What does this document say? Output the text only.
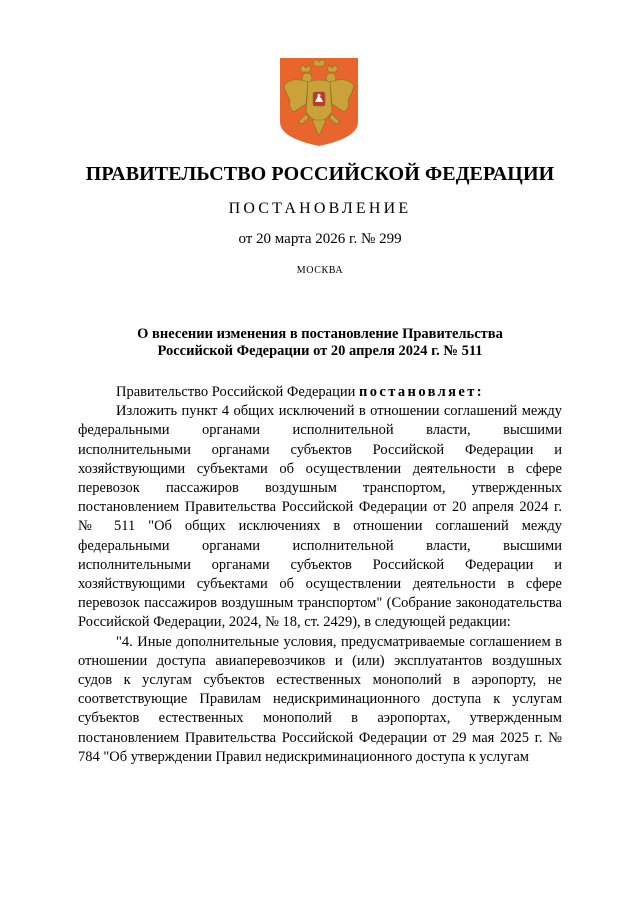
ПРАВИТЕЛЬСТВО РОССИЙСКОЙ ФЕДЕРАЦИИ
ПОСТАНОВЛЕНИЕ
от 20 марта 2026 г. № 299
МОСКВА
О внесении изменения в постановление Правительства
Российской Федерации от 20 апреля 2024 г. № 511

Правительство Российской Федерации постановляет:

Изложить пункт 4 общих исключений в отношении соглашений между федеральными органами исполнительной власти, высшими исполнительными органами субъектов Российской Федерации и хозяйствующими субъектами об осуществлении деятельности в сфере перевозок пассажиров воздушным транспортом, утвержденных постановлением Правительства Российской Федерации от 20 апреля 2024 г. № 511 "Об общих исключениях в отношении соглашений между федеральными органами исполнительной власти, высшими исполнительными органами субъектов Российской Федерации и хозяйствующими субъектами об осуществлении деятельности в сфере перевозок пассажиров воздушным транспортом" (Собрание законодательства Российской Федерации, 2024, № 18, ст. 2429), в следующей редакции:

"4. Иные дополнительные условия, предусматриваемые соглашением в отношении доступа авиаперевозчиков и (или) эксплуатантов воздушных судов к услугам субъектов естественных монополий в аэропорту, не соответствующие Правилам недискриминационного доступа к услугам субъектов естественных монополий в аэропортах, утвержденным постановлением Правительства Российской Федерации от 29 мая 2025 г. № 784 "Об утверждении Правил недискриминационного доступа к услугам
